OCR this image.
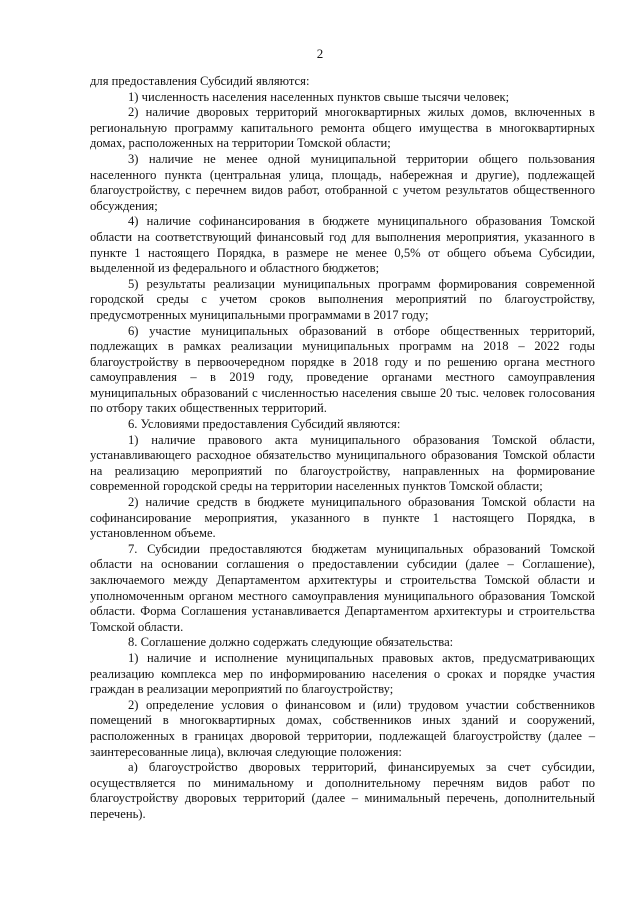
2

для предоставления Субсидий являются:

1) численность населения населенных пунктов свыше тысячи человек;

2) наличие дворовых территорий многоквартирных жилых домов, включенных в региональную программу капитального ремонта общего имущества в многоквартирных домах, расположенных на территории Томской области;

3) наличие не менее одной муниципальной территории общего пользования населенного пункта (центральная улица, площадь, набережная и другие), подлежащей благоустройству, с перечнем видов работ, отобранной с учетом результатов общественного обсуждения;

4) наличие софинансирования в бюджете муниципального образования Томской области на соответствующий финансовый год для выполнения мероприятия, указанного в пункте 1 настоящего Порядка, в размере не менее 0,5% от общего объема Субсидии, выделенной из федерального и областного бюджетов;

5) результаты реализации муниципальных программ формирования современной городской среды с учетом сроков выполнения мероприятий по благоустройству, предусмотренных муниципальными программами в 2017 году;

6) участие муниципальных образований в отборе общественных территорий, подлежащих в рамках реализации муниципальных программ на 2018 – 2022 годы благоустройству в первоочередном порядке в 2018 году и по решению органа местного самоуправления – в 2019 году, проведение органами местного самоуправления муниципальных образований с численностью населения свыше 20 тыс. человек голосования по отбору таких общественных территорий.

6. Условиями предоставления Субсидий являются:

1) наличие правового акта муниципального образования Томской области, устанавливающего расходное обязательство муниципального образования Томской области на реализацию мероприятий по благоустройству, направленных на формирование современной городской среды на территории населенных пунктов Томской области;

2) наличие средств в бюджете муниципального образования Томской области на софинансирование мероприятия, указанного в пункте 1 настоящего Порядка, в установленном объеме.

7. Субсидии предоставляются бюджетам муниципальных образований Томской области на основании соглашения о предоставлении субсидии (далее – Соглашение), заключаемого между Департаментом архитектуры и строительства Томской области и уполномоченным органом местного самоуправления муниципального образования Томской области. Форма Соглашения устанавливается Департаментом архитектуры и строительства Томской области.

8. Соглашение должно содержать следующие обязательства:

1) наличие и исполнение муниципальных правовых актов, предусматривающих реализацию комплекса мер по информированию населения о сроках и порядке участия граждан в реализации мероприятий по благоустройству;

2) определение условия о финансовом и (или) трудовом участии собственников помещений в многоквартирных домах, собственников иных зданий и сооружений, расположенных в границах дворовой территории, подлежащей благоустройству (далее – заинтересованные лица), включая следующие положения:

а) благоустройство дворовых территорий, финансируемых за счет субсидии, осуществляется по минимальному и дополнительному перечням видов работ по благоустройству дворовых территорий (далее – минимальный перечень, дополнительный перечень).
